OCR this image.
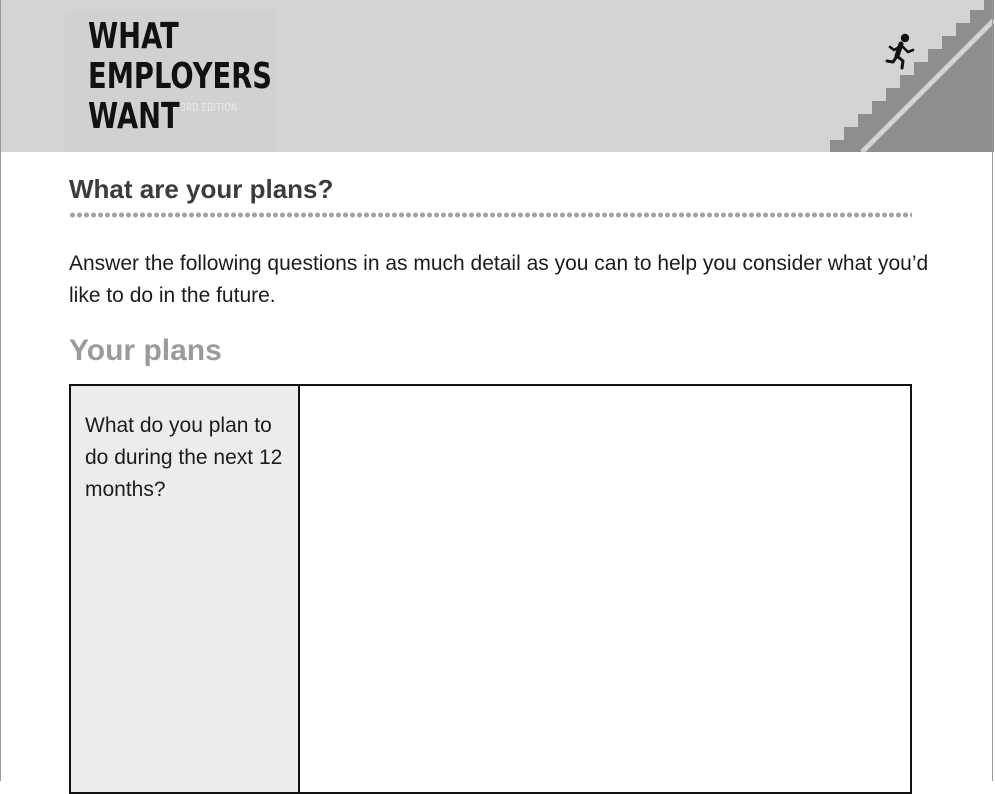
WHAT
EMPLOYERS
WANT 3RD EDITION
What are your plans?
Answer the following questions in as much detail as you can to help you consider what you’d like to do in the future.
Your plans
What do you plan to do during the next 12 months?
